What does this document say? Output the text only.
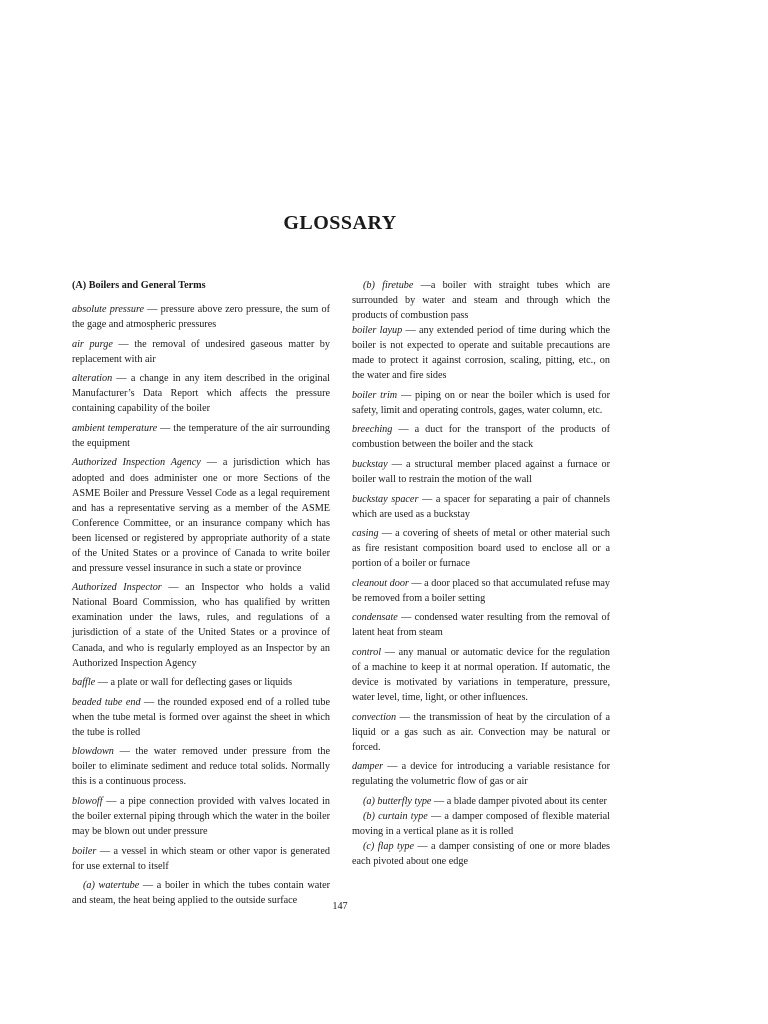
GLOSSARY
(A) Boilers and General Terms

absolute pressure — pressure above zero pressure, the sum of the gage and atmospheric pressures

air purge — the removal of undesired gaseous matter by replacement with air

alteration — a change in any item described in the original Manufacturer’s Data Report which affects the pressure containing capability of the boiler

ambient temperature — the temperature of the air surrounding the equipment

Authorized Inspection Agency — a jurisdiction which has adopted and does administer one or more Sections of the ASME Boiler and Pressure Vessel Code as a legal requirement and has a representative serving as a member of the ASME Conference Committee, or an insurance company which has been licensed or registered by appropriate authority of a state of the United States or a province of Canada to write boiler and pressure vessel insurance in such a state or province

Authorized Inspector — an Inspector who holds a valid National Board Commission, who has qualified by written examination under the laws, rules, and regulations of a jurisdiction of a state of the United States or a province of Canada, and who is regularly employed as an Inspector by an Authorized Inspection Agency

baffle — a plate or wall for deflecting gases or liquids

beaded tube end — the rounded exposed end of a rolled tube when the tube metal is formed over against the sheet in which the tube is rolled

blowdown — the water removed under pressure from the boiler to eliminate sediment and reduce total solids. Normally this is a continuous process.

blowoff — a pipe connection provided with valves located in the boiler external piping through which the water in the boiler may be blown out under pressure

boiler — a vessel in which steam or other vapor is generated for use external to itself

(a) watertube — a boiler in which the tubes contain water and steam, the heat being applied to the outside surface

(b) firetube —a boiler with straight tubes which are surrounded by water and steam and through which the products of combustion pass

boiler layup — any extended period of time during which the boiler is not expected to operate and suitable precautions are made to protect it against corrosion, scaling, pitting, etc., on the water and fire sides

boiler trim — piping on or near the boiler which is used for safety, limit and operating controls, gages, water column, etc.

breeching — a duct for the transport of the products of combustion between the boiler and the stack

buckstay — a structural member placed against a furnace or boiler wall to restrain the motion of the wall

buckstay spacer — a spacer for separating a pair of channels which are used as a buckstay

casing — a covering of sheets of metal or other material such as fire resistant composition board used to enclose all or a portion of a boiler or furnace

cleanout door — a door placed so that accumulated refuse may be removed from a boiler setting

condensate — condensed water resulting from the removal of latent heat from steam

control — any manual or automatic device for the regulation of a machine to keep it at normal operation. If automatic, the device is motivated by variations in temperature, pressure, water level, time, light, or other influences.

convection — the transmission of heat by the circulation of a liquid or a gas such as air. Convection may be natural or forced.

damper — a device for introducing a variable resistance for regulating the volumetric flow of gas or air

(a) butterfly type — a blade damper pivoted about its center

(b) curtain type — a damper composed of flexible material moving in a vertical plane as it is rolled

(c) flap type — a damper consisting of one or more blades each pivoted about one edge

147
